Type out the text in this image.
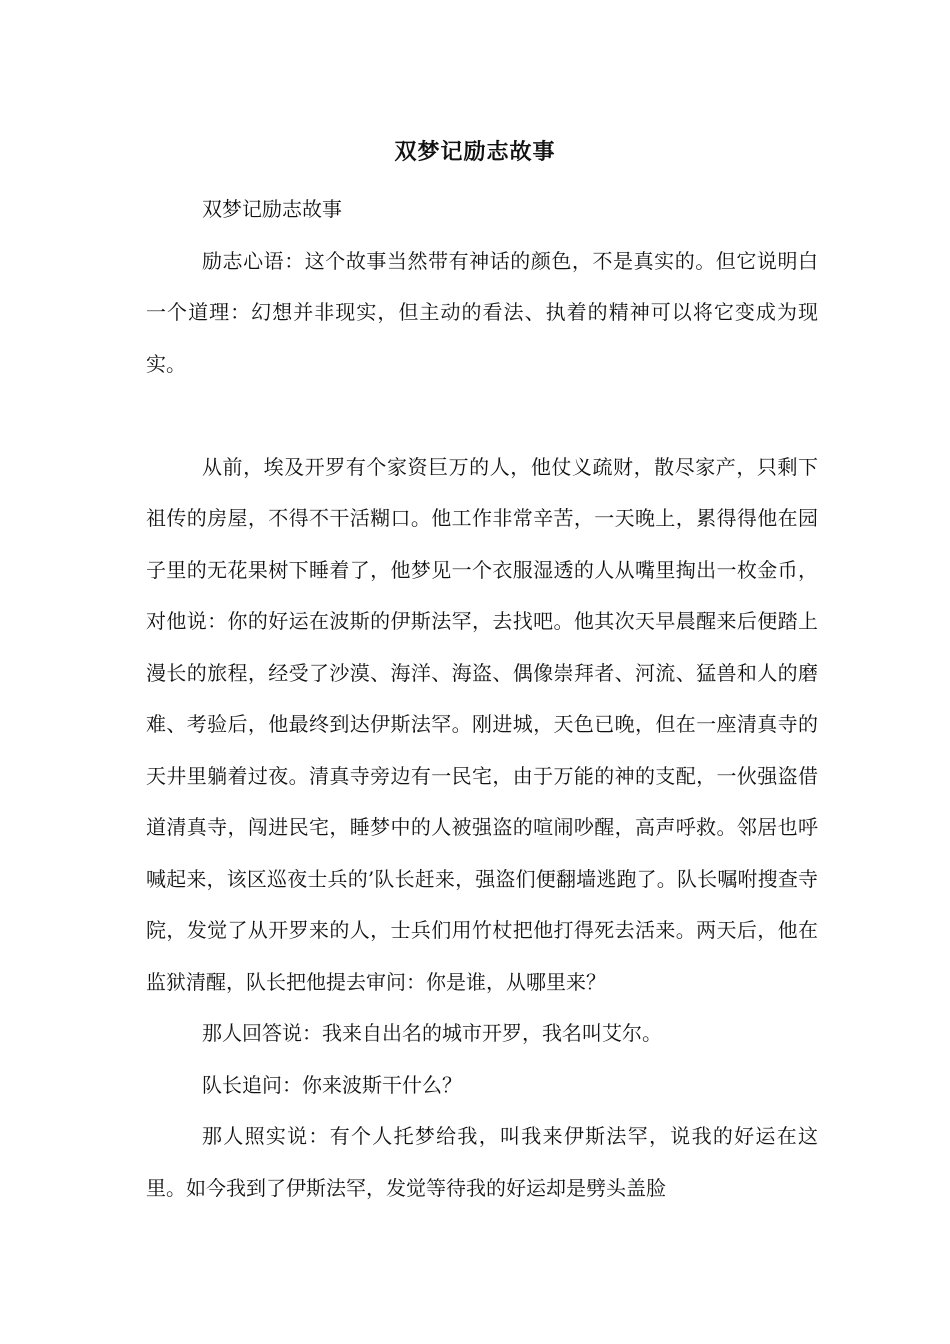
双梦记励志故事

双梦记励志故事

励志心语：这个故事当然带有神话的颜色，不是真实的。但它说明白一个道理：幻想并非现实，但主动的看法、执着的精神可以将它变成为现实。

从前，埃及开罗有个家资巨万的人，他仗义疏财，散尽家产，只剩下祖传的房屋，不得不干活糊口。他工作非常辛苦，一天晚上，累得得他在园子里的无花果树下睡着了，他梦见一个衣服湿透的人从嘴里掏出一枚金币，对他说：你的好运在波斯的伊斯法罕，去找吧。他其次天早晨醒来后便踏上漫长的旅程，经受了沙漠、海洋、海盗、偶像崇拜者、河流、猛兽和人的磨难、考验后，他最终到达伊斯法罕。刚进城，天色已晚，但在一座清真寺的天井里躺着过夜。清真寺旁边有一民宅，由于万能的神的支配，一伙强盗借道清真寺，闯进民宅，睡梦中的人被强盗的喧闹吵醒，高声呼救。邻居也呼喊起来，该区巡夜士兵的’队长赶来，强盗们便翻墙逃跑了。队长嘱咐搜查寺院，发觉了从开罗来的人，士兵们用竹杖把他打得死去活来。两天后，他在监狱清醒，队长把他提去审问：你是谁，从哪里来？

那人回答说：我来自出名的城市开罗，我名叫艾尔。

队长追问：你来波斯干什么？

那人照实说：有个人托梦给我，叫我来伊斯法罕，说我的好运在这里。如今我到了伊斯法罕，发觉等待我的好运却是劈头盖脸
